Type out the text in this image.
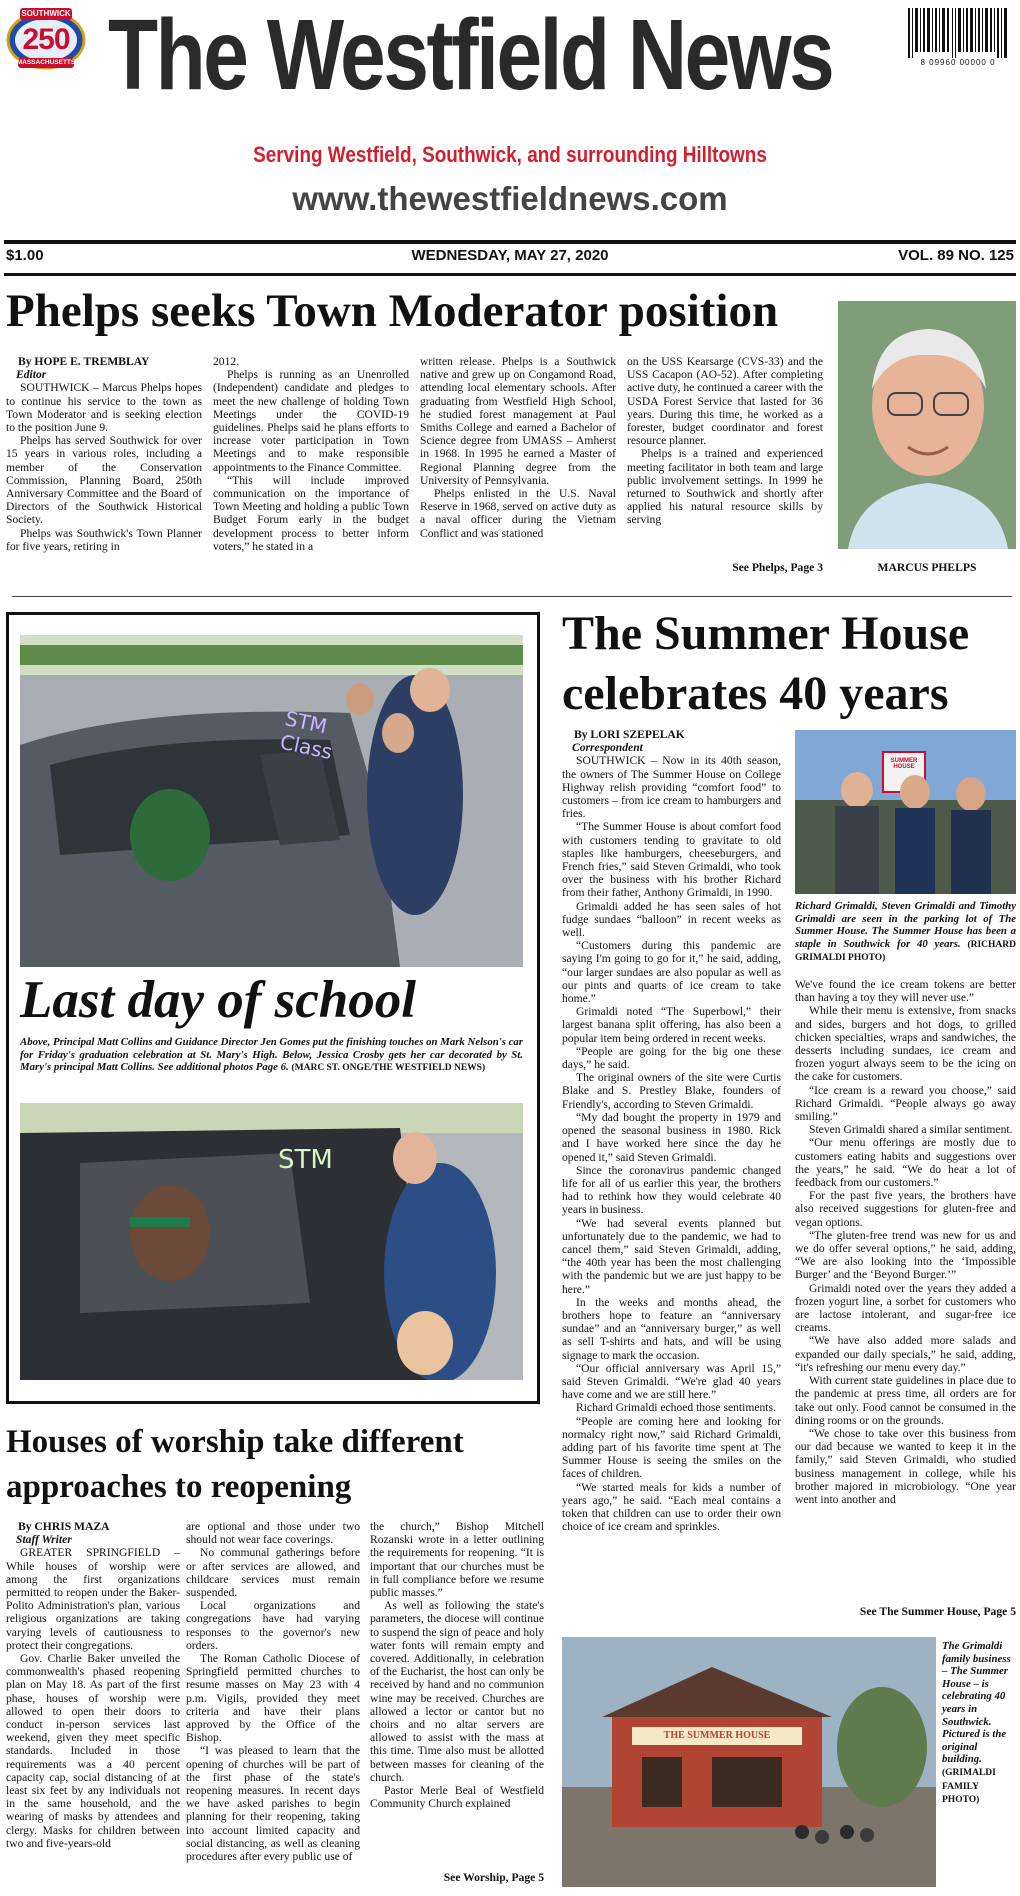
SOUTHWICK
250
MASSACHUSETTS The Westfield News	8 09960 00000 0
Serving Westfield, Southwick, and surrounding Hilltowns
www.thewestfieldnews.com
$1.00	WEDNESDAY, MAY 27, 2020	VOL. 89 NO. 125
Phelps seeks Town Moderator position
By HOPE E. TREMBLAY
Editor

SOUTHWICK – Marcus Phelps hopes to continue his service to the town as Town Moderator and is seeking election to the position June 9.

Phelps has served Southwick for over 15 years in various roles, including a member of the Conservation Commission, Planning Board, 250th Anniversary Committee and the Board of Directors of the Southwick Historical Society.

Phelps was Southwick's Town Planner for five years, retiring in

2012.

Phelps is running as an Unenrolled (Independent) candidate and pledges to meet the new challenge of holding Town Meetings under the COVID-19 guidelines. Phelps said he plans efforts to increase voter participation in Town Meetings and to make responsible appointments to the Finance Committee.

“This will include improved communication on the importance of Town Meeting and holding a public Town Budget Forum early in the budget development process to better inform voters,” he stated in a

written release. Phelps is a Southwick native and grew up on Congamond Road, attending local elementary schools. After graduating from Westfield High School, he studied forest management at Paul Smiths College and earned a Bachelor of Science degree from UMASS – Amherst in 1968. In 1995 he earned a Master of Regional Planning degree from the University of Pennsylvania.

Phelps enlisted in the U.S. Naval Reserve in 1968, served on active duty as a naval officer during the Vietnam Conflict and was stationed

on the USS Kearsarge (CVS-33) and the USS Cacapon (AO-52). After completing active duty, he continued a career with the USDA Forest Service that lasted for 36 years. During this time, he worked as a forester, budget coordinator and forest resource planner.

Phelps is a trained and experienced meeting facilitator in both team and large public involvement settings. In 1999 he returned to Southwick and shortly after applied his natural resource skills by serving

See Phelps, Page 3	MARCUS PHELPS
STM Class
Last day of school
Above, Principal Matt Collins and Guidance Director Jen Gomes put the finishing touches on Mark Nelson's car for Friday's graduation celebration at St. Mary's High. Below, Jessica Crosby gets her car decorated by St. Mary's principal Matt Collins. See additional photos Page 6. (MARC ST. ONGE/THE WESTFIELD NEWS)
STM
The Summer House
celebrates 40 years
By LORI SZEPELAK
Correspondent

SOUTHWICK – Now in its 40th season, the owners of The Summer House on College Highway relish providing “comfort food” to customers – from ice cream to hamburgers and fries.

“The Summer House is about comfort food with customers tending to gravitate to old staples like hamburgers, cheeseburgers, and French fries,” said Steven Grimaldi, who took over the business with his brother Richard from their father, Anthony Grimaldi, in 1990.

Grimaldi added he has seen sales of hot fudge sundaes “balloon” in recent weeks as well.

“Customers during this pandemic are saying I'm going to go for it,” he said, adding, “our larger sundaes are also popular as well as our pints and quarts of ice cream to take home.”

Grimaldi noted “The Superbowl,” their largest banana split offering, has also been a popular item being ordered in recent weeks.

“People are going for the big one these days,” he said.

The original owners of the site were Curtis Blake and S. Prestley Blake, founders of Friendly's, according to Steven Grimaldi.

“My dad bought the property in 1979 and opened the seasonal business in 1980. Rick and I have worked here since the day he opened it,” said Steven Grimaldi.

Since the coronavirus pandemic changed life for all of us earlier this year, the brothers had to rethink how they would celebrate 40 years in business.

“We had several events planned but unfortunately due to the pandemic, we had to cancel them,” said Steven Grimaldi, adding, “the 40th year has been the most challenging with the pandemic but we are just happy to be here.”

In the weeks and months ahead, the brothers hope to feature an “anniversary sundae” and an “anniversary burger,” as well as sell T-shirts and hats, and will be using signage to mark the occasion.

“Our official anniversary was April 15,” said Steven Grimaldi. “We're glad 40 years have come and we are still here.”

Richard Grimaldi echoed those sentiments.

“People are coming here and looking for normalcy right now,” said Richard Grimaldi, adding part of his favorite time spent at The Summer House is seeing the smiles on the faces of children.

“We started meals for kids a number of years ago,” he said. “Each meal contains a token that children can use to order their own choice of ice cream and sprinkles.

SUMMER HOUSE
Richard Grimaldi, Steven Grimaldi and Timothy Grimaldi are seen in the parking lot of The Summer House. The Summer House has been a staple in Southwick for 40 years. (RICHARD GRIMALDI PHOTO)

We've found the ice cream tokens are better than having a toy they will never use.”

While their menu is extensive, from snacks and sides, burgers and hot dogs, to grilled chicken specialties, wraps and sandwiches, the desserts including sundaes, ice cream and frozen yogurt always seem to be the icing on the cake for customers.

“Ice cream is a reward you choose,” said Richard Grimaldi. “People always go away smiling.”

Steven Grimaldi shared a similar sentiment.

“Our menu offerings are mostly due to customers eating habits and suggestions over the years,” he said. “We do hear a lot of feedback from our customers.”

For the past five years, the brothers have also received suggestions for gluten-free and vegan options.

“The gluten-free trend was new for us and we do offer several options,” he said, adding, “We are also looking into the ‘Impossible Burger’ and the ‘Beyond Burger.’”

Grimaldi noted over the years they added a frozen yogurt line, a sorbet for customers who are lactose intolerant, and sugar-free ice creams.

“We have also added more salads and expanded our daily specials,” he said, adding, “it's refreshing our menu every day.”

With current state guidelines in place due to the pandemic at press time, all orders are for take out only. Food cannot be consumed in the dining rooms or on the grounds.

“We chose to take over this business from our dad because we wanted to keep it in the family,” said Steven Grimaldi, who studied business management in college, while his brother majored in microbiology. “One year went into another and

See The Summer House, Page 5
THE SUMMER HOUSE
The Grimaldi family business – The Summer House – is celebrating 40 years in Southwick. Pictured is the original building. (GRIMALDI FAMILY PHOTO)
Houses of worship take different
approaches to reopening
By CHRIS MAZA
Staff Writer

GREATER SPRINGFIELD – While houses of worship were among the first organizations permitted to reopen under the Baker-Polito Administration's plan, various religious organizations are taking varying levels of cautiousness to protect their congregations.

Gov. Charlie Baker unveiled the commonwealth's phased reopening plan on May 18. As part of the first phase, houses of worship were allowed to open their doors to conduct in-person services last weekend, given they meet specific standards. Included in those requirements was a 40 percent capacity cap, social distancing of at least six feet by any individuals not in the same household, and the wearing of masks by attendees and clergy. Masks for children between two and five-years-old

are optional and those under two should not wear face coverings.

No communal gatherings before or after services are allowed, and childcare services must remain suspended.

Local organizations and congregations have had varying responses to the governor's new orders.

The Roman Catholic Diocese of Springfield permitted churches to resume masses on May 23 with 4 p.m. Vigils, provided they meet criteria and have their plans approved by the Office of the Bishop.

“I was pleased to learn that the opening of churches will be part of the first phase of the state's reopening measures. In recent days we have asked parishes to begin planning for their reopening, taking into account limited capacity and social distancing, as well as cleaning procedures after every public use of

the church,” Bishop Mitchell Rozanski wrote in a letter outlining the requirements for reopening. “It is important that our churches must be in full compliance before we resume public masses.”

As well as following the state's parameters, the diocese will continue to suspend the sign of peace and holy water fonts will remain empty and covered. Additionally, in celebration of the Eucharist, the host can only be received by hand and no communion wine may be received. Churches are allowed a lector or cantor but no choirs and no altar servers are allowed to assist with the mass at this time. Time also must be allotted between masses for cleaning of the church.

Pastor Merle Beal of Westfield Community Church explained

See Worship, Page 5
